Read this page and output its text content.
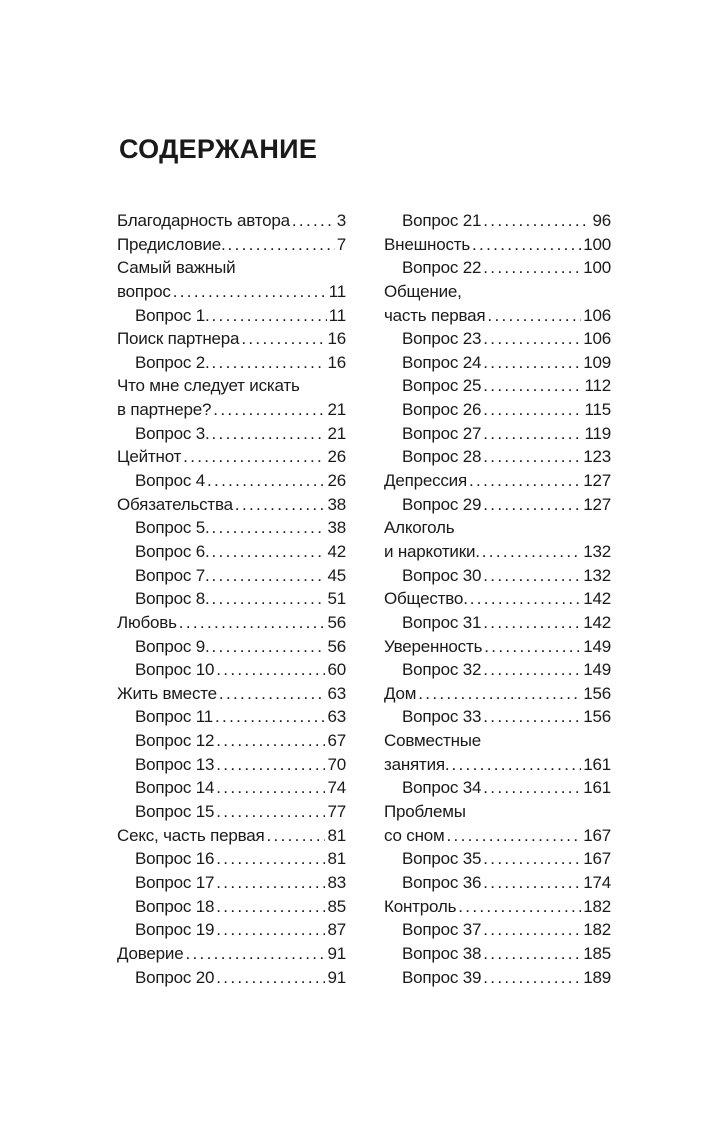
СОДЕРЖАНИЕ
Благодарность автора . . .	3
Предисловие. . . .	7
Самый важный
вопрос . . .	11
Вопрос 1. . . .	11
Поиск партнера . . .	16
Вопрос 2. . . .	16
Что мне следует искать
в партнере? . . .	21
Вопрос 3. . . .	21
Цейтнот . . .	26
Вопрос 4 . . .	26
Обязательства . . .	38
Вопрос 5. . . .	38
Вопрос 6. . . .	42
Вопрос 7. . . .	45
Вопрос 8. . . .	51
Любовь . . .	56
Вопрос 9. . . .	56
Вопрос 10 . . .	60
Жить вместе . . .	63
Вопрос 11 . . .	63
Вопрос 12 . . .	67
Вопрос 13 . . .	70
Вопрос 14 . . .	74
Вопрос 15 . . .	77
Секс, часть первая . . .	81
Вопрос 16 . . .	81
Вопрос 17 . . .	83
Вопрос 18 . . .	85
Вопрос 19 . . .	87
Доверие . . .	91
Вопрос 20 . . .	91
Вопрос 21 . . .	96
Внешность . . .	100
Вопрос 22 . . .	100
Общение,
часть первая . . .	106
Вопрос 23 . . .	106
Вопрос 24 . . .	109
Вопрос 25 . . .	112
Вопрос 26 . . .	115
Вопрос 27 . . .	119
Вопрос 28 . . .	123
Депрессия . . .	127
Вопрос 29 . . .	127
Алкоголь
и наркотики. . . .	132
Вопрос 30 . . .	132
Общество. . . .	142
Вопрос 31 . . .	142
Уверенность . . .	149
Вопрос 32 . . .	149
Дом . . .	156
Вопрос 33 . . .	156
Совместные
занятия. . . .	161
Вопрос 34 . . .	161
Проблемы
со сном . . .	167
Вопрос 35 . . .	167
Вопрос 36 . . .	174
Контроль . . .	182
Вопрос 37 . . .	182
Вопрос 38 . . .	185
Вопрос 39 . . .	189
